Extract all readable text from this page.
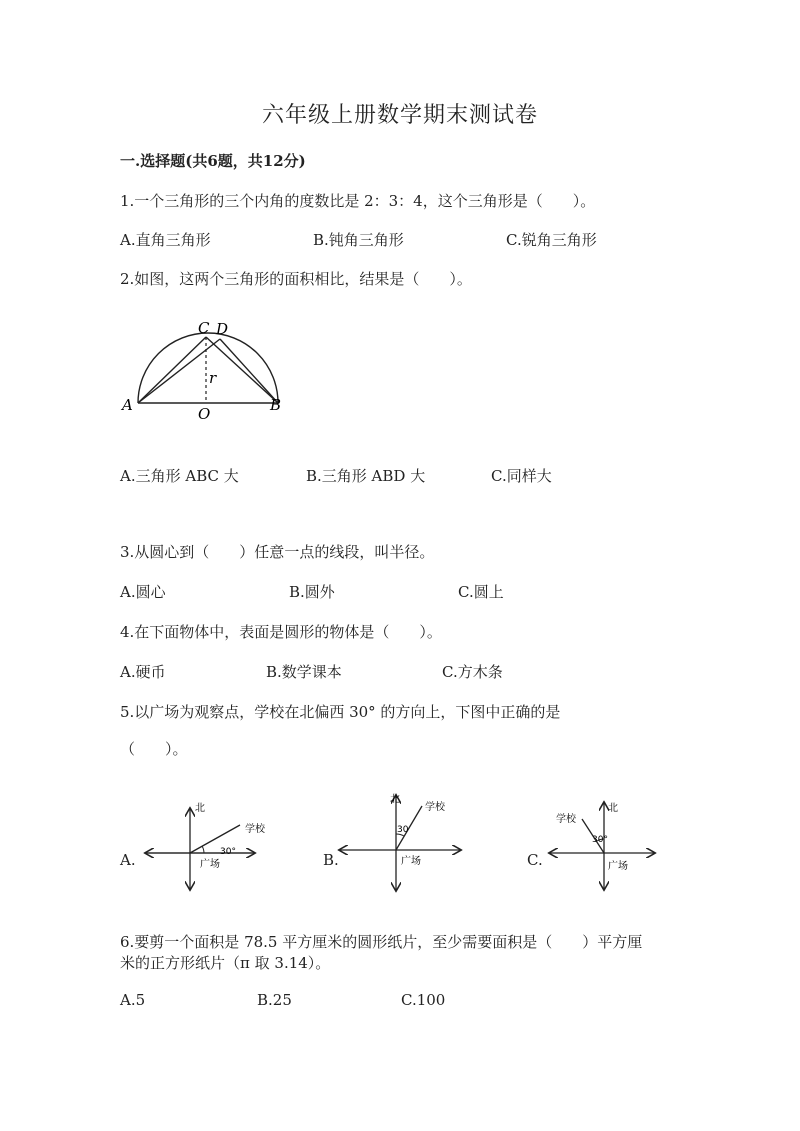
六年级上册数学期末测试卷
一.选择题(共6题，共12分)
1.一个三角形的三个内角的度数比是 2：3：4，这个三角形是（　　）。
A.直角三角形	B.钝角三角形	C.锐角三角形
2.如图，这两个三角形的面积相比，结果是（　　）。
A	B
C D
O
r
A.三角形 ABC 大	B.三角形 ABD 大	C.同样大
3.从圆心到（　　）任意一点的线段，叫半径。
A.圆心	B.圆外	C.圆上
4.在下面物体中，表面是圆形的物体是（　　）。
A.硬币	B.数学课本	C.方木条
5.以广场为观察点，学校在北偏西 30° 的方向上，下图中正确的是
（　　）。
A.	B.	C.
北
学校
30°
广场
北
学校
30
广场
北
学校
30°
广场
6.要剪一个面积是 78.5 平方厘米的圆形纸片，至少需要面积是（　　）平方厘
米的正方形纸片（π 取 3.14）。
A.5	B.25	C.100
